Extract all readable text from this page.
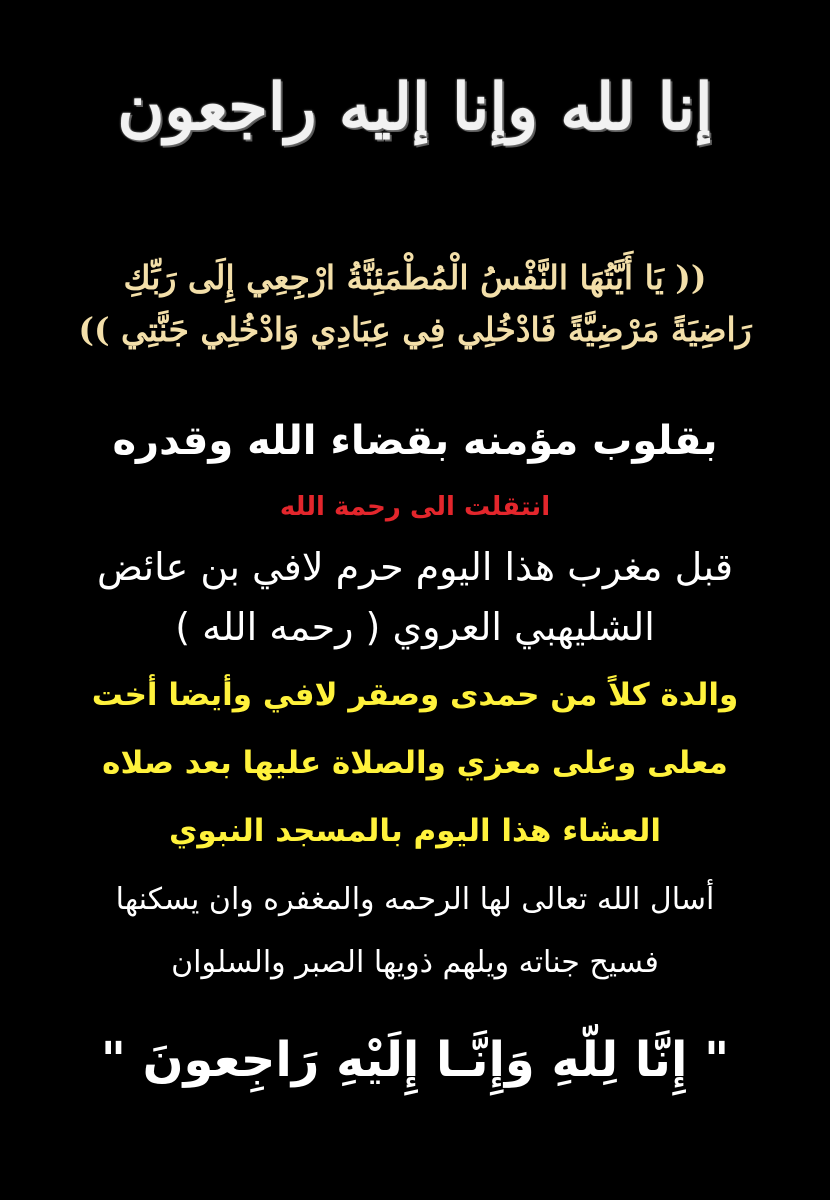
إنا لله وإنا إليه راجعون
(( يَا أَيَّتُهَا النَّفْسُ الْمُطْمَئِنَّةُ ارْجِعِي إِلَى رَبِّكِ
رَاضِيَةً مَرْضِيَّةً فَادْخُلِي فِي عِبَادِي وَادْخُلِي جَنَّتِي ))
بقلوب مؤمنه بقضاء الله وقدره
انتقلت الى رحمة الله
قبل مغرب هذا اليوم حرم لافي بن عائض
الشليهبي العروي ( رحمه الله )
والدة كلاً من حمدى وصقر لافي وأيضا أخت
معلى وعلى معزي والصلاة عليها بعد صلاه
العشاء هذا اليوم بالمسجد النبوي
أسال الله تعالى لها الرحمه والمغفره وان يسكنها
فسيح جناته ويلهم ذويها الصبر والسلوان
" إِنَّا لِلّهِ وَإِنَّـا إِلَيْهِ رَاجِعونَ "
